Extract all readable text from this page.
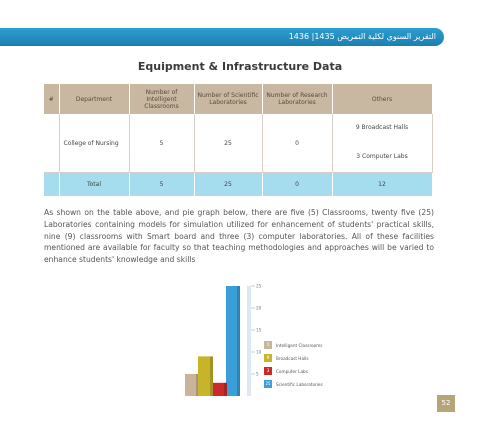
التقرير السنوي لكلية التمريض 1435| 1436
Equipment & Infrastructure Data
#	Department	Number of Intelligent Classrooms	Number of Scientific Laboratories	Number of Research Laboratories	Others
	College of Nursing	5	25	0	9 Broadcast Halls
3 Computer Labs

	Total	5	25	0	12
As shown on the table above, and pie graph below, there are five (5) Classrooms, twenty five (25) Laboratories containing models for simulation utilized for enhancement of students' practical skills, nine (9) classrooms with Smart board and three (3) computer laboratories. All of these facilities mentioned are available for faculty so that teaching methodologies and approaches will be varied to enhance students' knowledge and skills
5
10
15
20
25
5	Intelligent Classrooms
9	Broadcast Halls
3	Computer Labs
25	Scientific Laboratories
52
